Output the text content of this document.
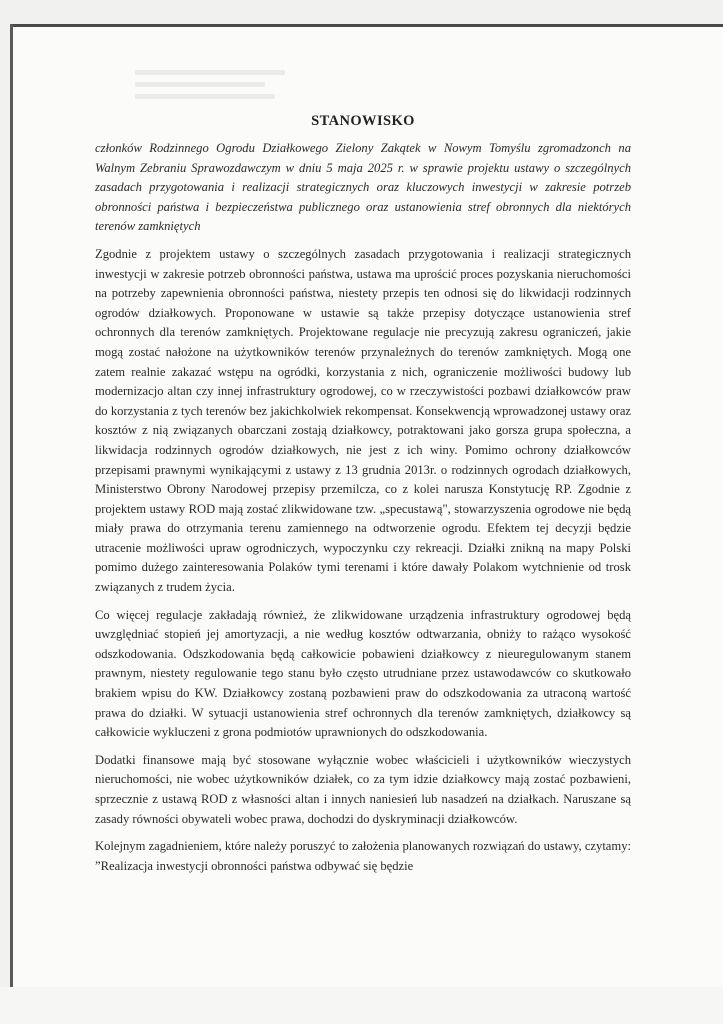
STANOWISKO

członków Rodzinnego Ogrodu Działkowego Zielony Zakątek w Nowym Tomyślu zgromadzonch na Walnym Zebraniu Sprawozdawczym w dniu 5 maja 2025 r. w sprawie projektu ustawy o szczególnych zasadach przygotowania i realizacji strategicznych oraz kluczowych inwestycji w zakresie potrzeb obronności państwa i bezpieczeństwa publicznego oraz ustanowienia stref obronnych dla niektórych terenów zamkniętych

Zgodnie z projektem ustawy o szczególnych zasadach przygotowania i realizacji strategicznych inwestycji w zakresie potrzeb obronności państwa, ustawa ma uprościć proces pozyskania nieruchomości na potrzeby zapewnienia obronności państwa, niestety przepis ten odnosi się do likwidacji rodzinnych ogrodów działkowych. Proponowane w ustawie są także przepisy dotyczące ustanowienia stref ochronnych dla terenów zamkniętych. Projektowane regulacje nie precyzują zakresu ograniczeń, jakie mogą zostać nałożone na użytkowników terenów przynależnych do terenów zamkniętych. Mogą one zatem realnie zakazać wstępu na ogródki, korzystania z nich, ograniczenie możliwości budowy lub modernizacjo altan czy innej infrastruktury ogrodowej, co w rzeczywistości pozbawi działkowców praw do korzystania z tych terenów bez jakichkolwiek rekompensat. Konsekwencją wprowadzonej ustawy oraz kosztów z nią związanych obarczani zostają działkowcy, potraktowani jako gorsza grupa społeczna, a likwidacja rodzinnych ogrodów działkowych, nie jest z ich winy. Pomimo ochrony działkowców przepisami prawnymi wynikającymi z ustawy z 13 grudnia 2013r. o rodzinnych ogrodach działkowych, Ministerstwo Obrony Narodowej przepisy przemilcza, co z kolei narusza Konstytucję RP. Zgodnie z projektem ustawy ROD mają zostać zlikwidowane tzw. „specustawą", stowarzyszenia ogrodowe nie będą miały prawa do otrzymania terenu zamiennego na odtworzenie ogrodu. Efektem tej decyzji będzie utracenie możliwości upraw ogrodniczych, wypoczynku czy rekreacji. Działki znikną na mapy Polski pomimo dużego zainteresowania Polaków tymi terenami i które dawały Polakom wytchnienie od trosk związanych z trudem życia.

Co więcej regulacje zakładają również, że zlikwidowane urządzenia infrastruktury ogrodowej będą uwzględniać stopień jej amortyzacji, a nie według kosztów odtwarzania, obniży to rażąco wysokość odszkodowania. Odszkodowania będą całkowicie pobawieni działkowcy z nieuregulowanym stanem prawnym, niestety regulowanie tego stanu było często utrudniane przez ustawodawców co skutkowało brakiem wpisu do KW. Działkowcy zostaną pozbawieni praw do odszkodowania za utraconą wartość prawa do działki. W sytuacji ustanowienia stref ochronnych dla terenów zamkniętych, działkowcy są całkowicie wykluczeni z grona podmiotów uprawnionych do odszkodowania.

Dodatki finansowe mają być stosowane wyłącznie wobec właścicieli i użytkowników wieczystych nieruchomości, nie wobec użytkowników działek, co za tym idzie działkowcy mają zostać pozbawieni, sprzecznie z ustawą ROD z własności altan i innych naniesień lub nasadzeń na działkach. Naruszane są zasady równości obywateli wobec prawa, dochodzi do dyskryminacji działkowców.

Kolejnym zagadnieniem, które należy poruszyć to założenia planowanych rozwiązań do ustawy, czytamy: ”Realizacja inwestycji obronności państwa odbywać się będzie
